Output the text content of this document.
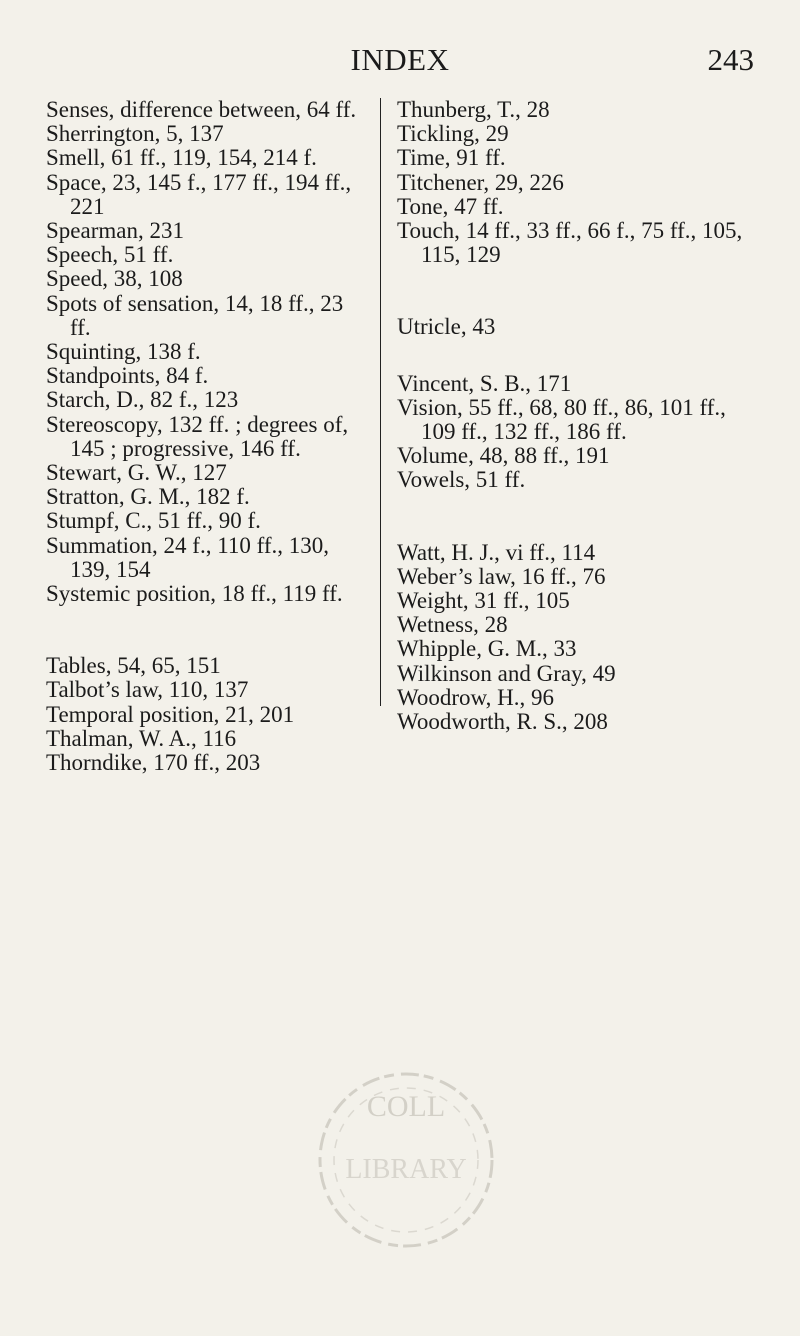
INDEX	243
Senses, difference between, 64 ff.
Sherrington, 5, 137
Smell, 61 ff., 119, 154, 214 f.
Space, 23, 145 f., 177 ff., 194 ff., 221
Spearman, 231
Speech, 51 ff.
Speed, 38, 108
Spots of sensation, 14, 18 ff., 23 ff.
Squinting, 138 f.
Standpoints, 84 f.
Starch, D., 82 f., 123
Stereoscopy, 132 ff. ; degrees of, 145 ; progressive, 146 ff.
Stewart, G. W., 127
Stratton, G. M., 182 f.
Stumpf, C., 51 ff., 90 f.
Summation, 24 f., 110 ff., 130, 139, 154
Systemic position, 18 ff., 119 ff.
Tables, 54, 65, 151
Talbot’s law, 110, 137
Temporal position, 21, 201
Thalman, W. A., 116
Thorndike, 170 ff., 203
Thunberg, T., 28
Tickling, 29
Time, 91 ff.
Titchener, 29, 226
Tone, 47 ff.
Touch, 14 ff., 33 ff., 66 f., 75 ff., 105, 115, 129
Utricle, 43
Vincent, S. B., 171
Vision, 55 ff., 68, 80 ff., 86, 101 ff., 109 ff., 132 ff., 186 ff.
Volume, 48, 88 ff., 191
Vowels, 51 ff.
Watt, H. J., vi ff., 114
Weber’s law, 16 ff., 76
Weight, 31 ff., 105
Wetness, 28
Whipple, G. M., 33
Wilkinson and Gray, 49
Woodrow, H., 96
Woodworth, R. S., 208
COLL
LIBRARY
